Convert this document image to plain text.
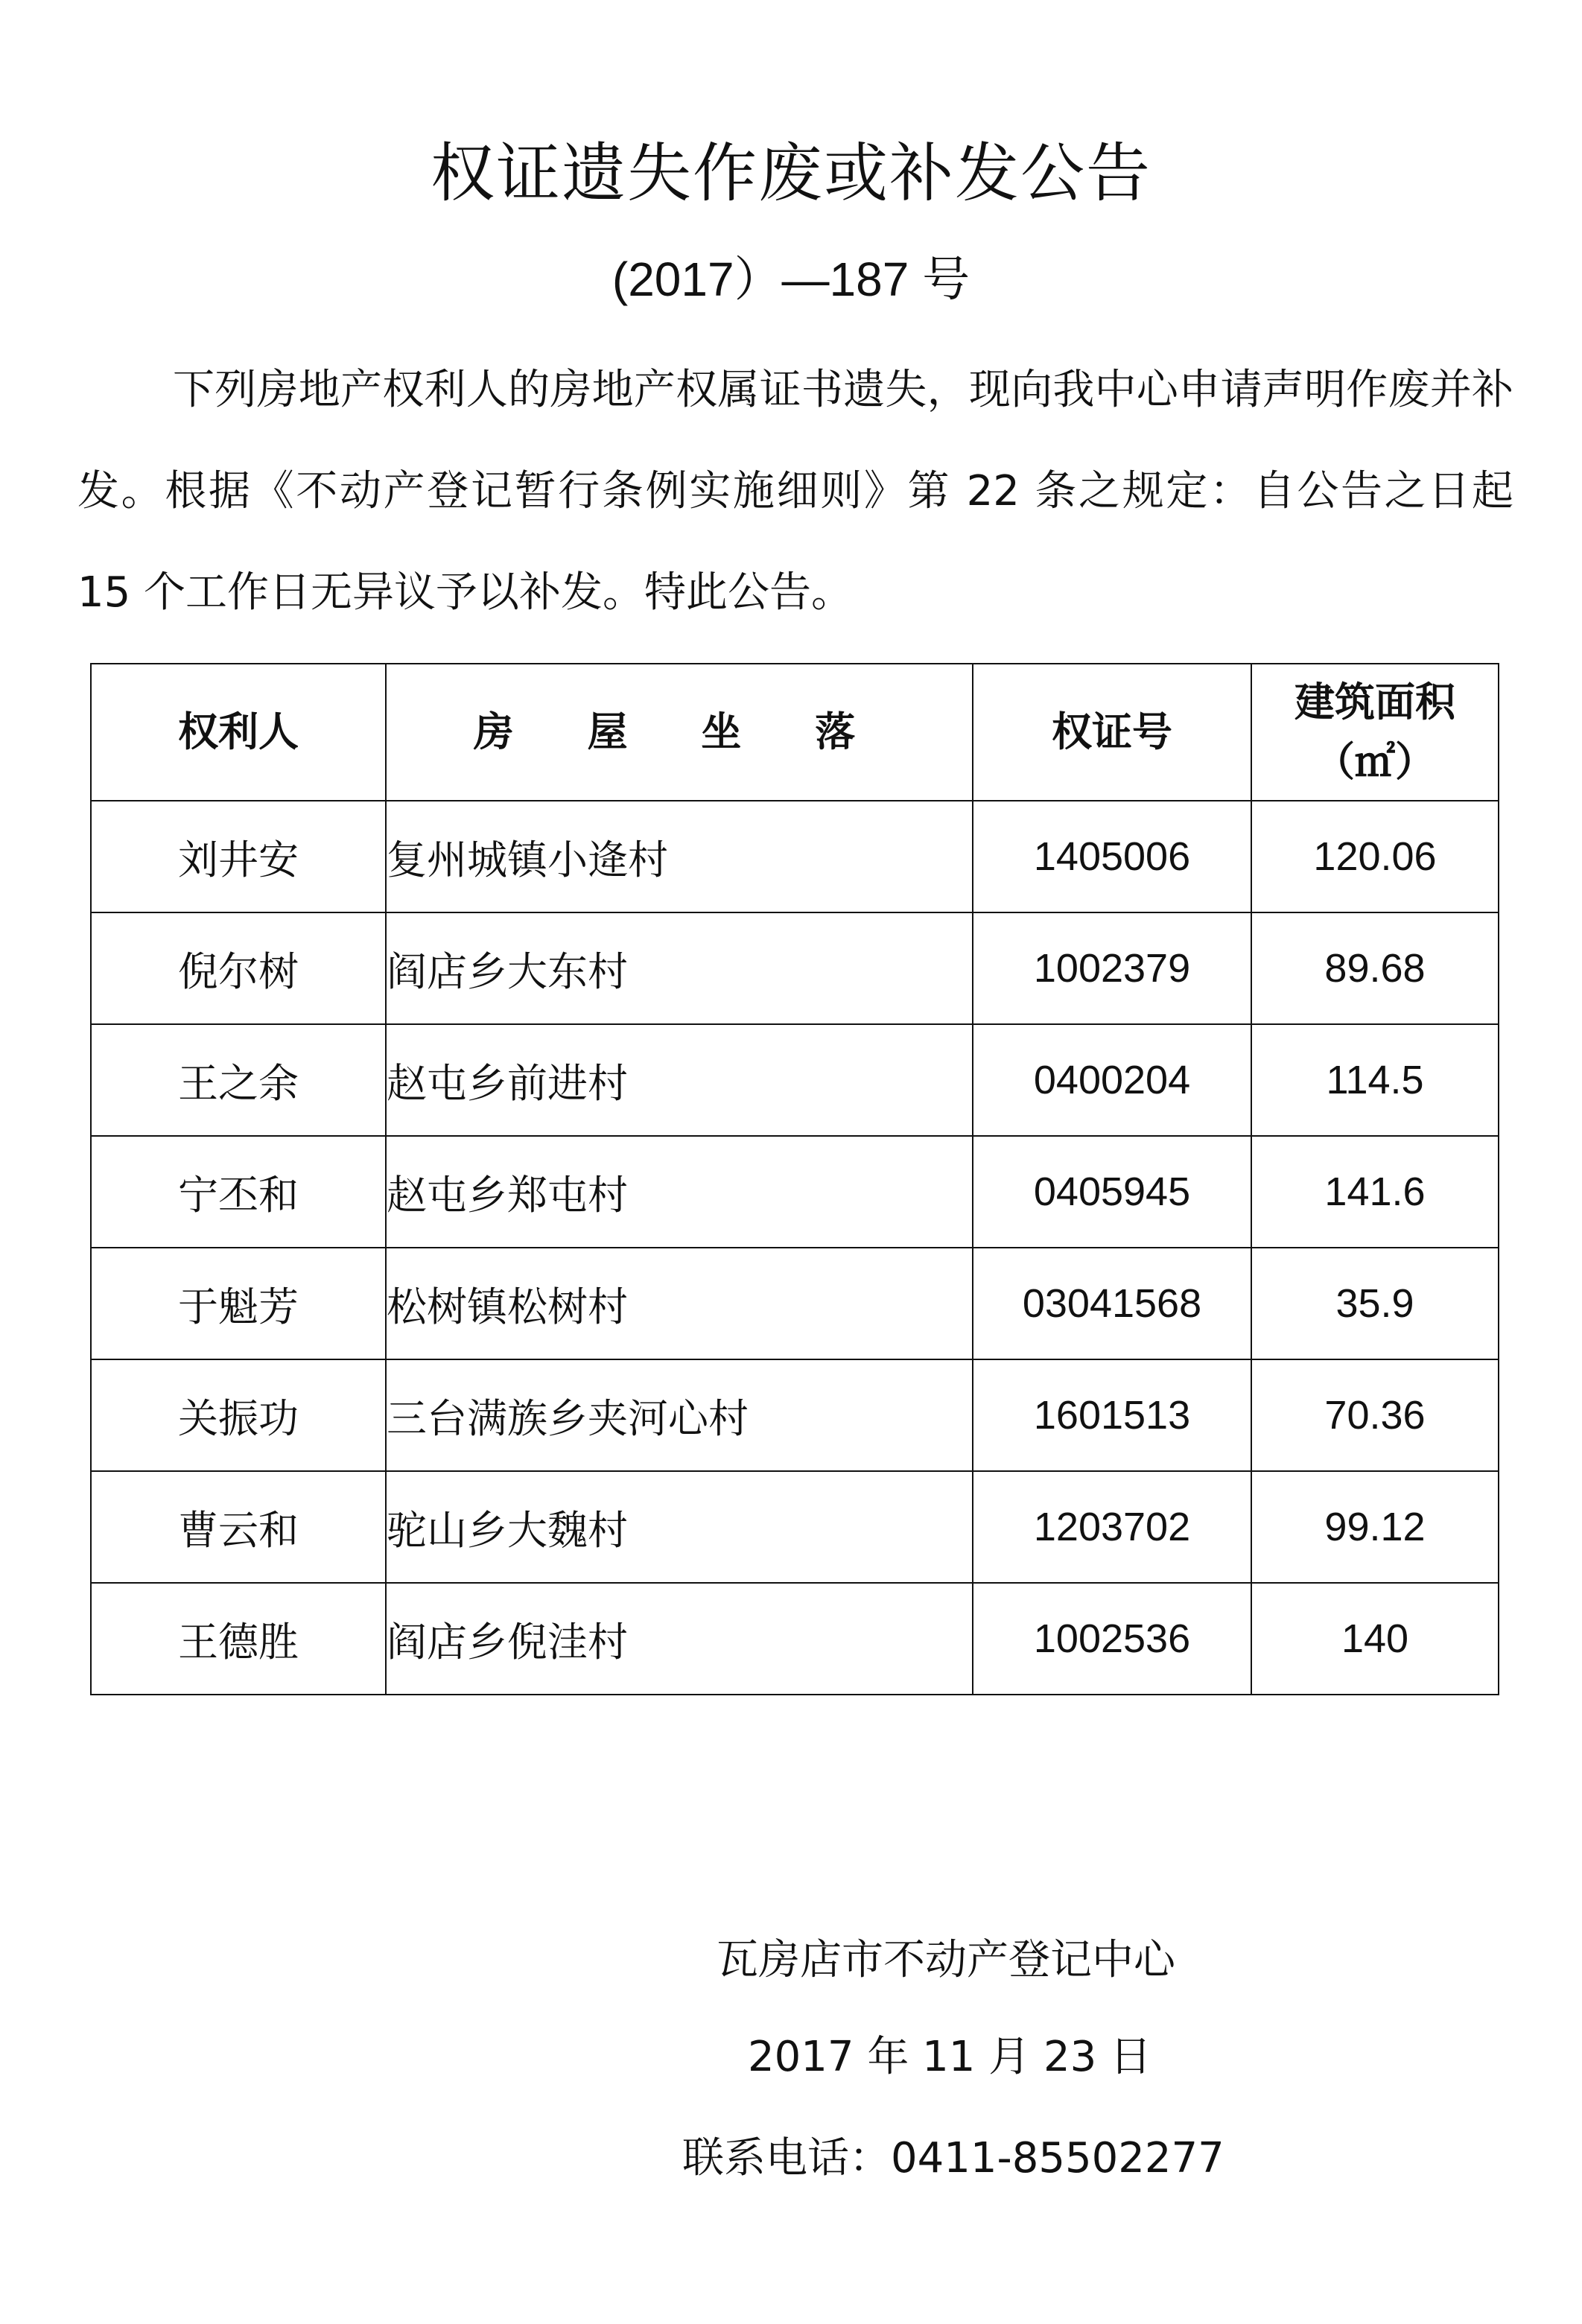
权证遗失作废或补发公告
(2017）—187 号

下列房地产权利人的房地产权属证书遗失，现向我中心申请声明作废并补发。根据《不动产登记暂行条例实施细则》第 22 条之规定：自公告之日起 15 个工作日无异议予以补发。特此公告。

权利人	房 屋 坐 落	权证号	建筑面积
（㎡）

刘井安	复州城镇小逄村	1405006	120.06
倪尔树	阎店乡大东村	1002379	89.68
王之余	赵屯乡前进村	0400204	114.5
宁丕和	赵屯乡郑屯村	0405945	141.6
于魁芳	松树镇松树村	03041568	35.9
关振功	三台满族乡夹河心村	1601513	70.36
曹云和	驼山乡大魏村	1203702	99.12
王德胜	阎店乡倪洼村	1002536	140
瓦房店市不动产登记中心
2017 年 11 月 23 日
联系电话：0411-85502277
